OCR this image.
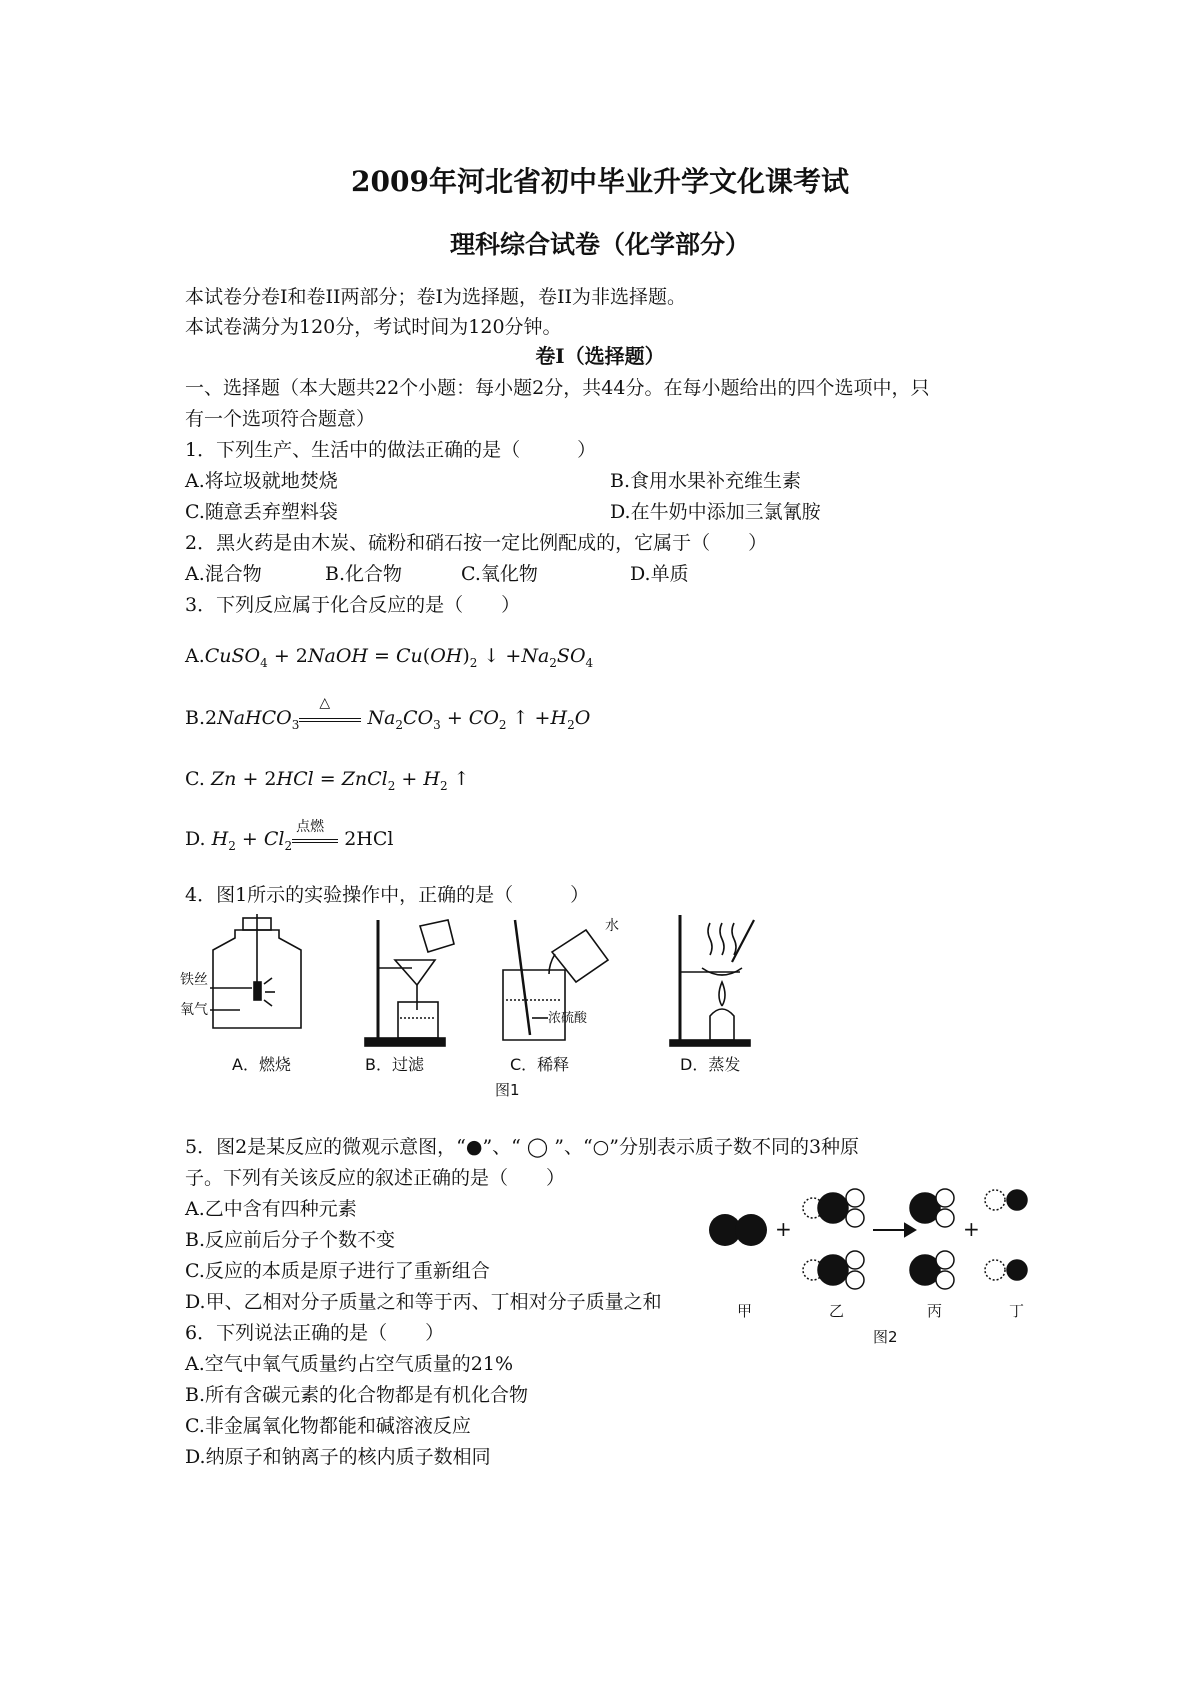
2009年河北省初中毕业升学文化课考试
理科综合试卷（化学部分）
本试卷分卷I和卷II两部分；卷I为选择题，卷II为非选择题。
本试卷满分为120分，考试时间为120分钟。
卷I（选择题）
一、选择题（本大题共22个小题：每小题2分，共44分。在每小题给出的四个选项中，只
有一个选项符合题意）
1．下列生产、生活中的做法正确的是（　　　）
A.将垃圾就地焚烧	B.食用水果补充维生素
C.随意丢弃塑料袋	D.在牛奶中添加三氯氰胺
2．黑火药是由木炭、硫粉和硝石按一定比例配成的，它属于（　　）
A.混合物	B.化合物	C.氧化物	D.单质
3．下列反应属于化合反应的是（　　）
A.CuSO$_4$ + 2NaOH = $Cu(OH)_2$ ↓ $+Na_2SO_4$
B.2NaHCO$_3$
△
$Na_2CO_3 + CO_2$ ↑ $+H_2O$
C. Zn + 2HCl = ZnCl$_2$ + $H_2$ ↑
D. $H_2 + Cl_2$
点燃
2HCl
4．图1所示的实验操作中，正确的是（　　　）
铁丝
氧气
A．燃烧	B．过滤
水
浓硫酸
C．稀释	D．蒸发
图1
5．图2是某反应的微观示意图，“●”、“ ◯ ”、“○”分别表示质子数不同的3种原
子。下列有关该反应的叙述正确的是（　　）
A.乙中含有四种元素
B.反应前后分子个数不变
C.反应的本质是原子进行了重新组合
D.甲、乙相对分子质量之和等于丙、丁相对分子质量之和
+	+
甲	乙	丙	丁
图2
6．下列说法正确的是（　　）
A.空气中氧气质量约占空气质量的21%
B.所有含碳元素的化合物都是有机化合物
C.非金属氧化物都能和碱溶液反应
D.纳原子和钠离子的核内质子数相同
